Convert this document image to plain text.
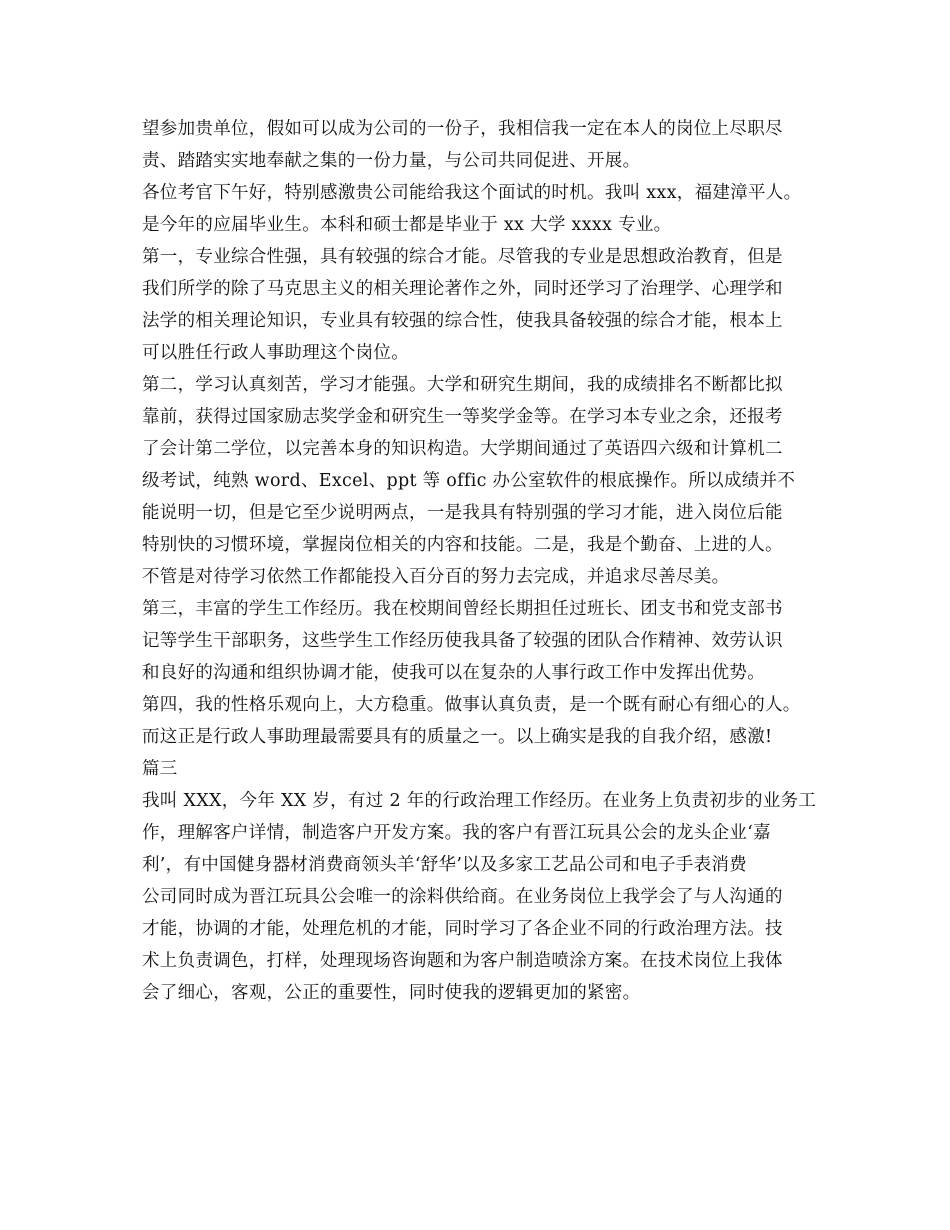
望参加贵单位，假如可以成为公司的一份子，我相信我一定在本人的岗位上尽职尽
责、踏踏实实地奉献之集的一份力量，与公司共同促进、开展。
各位考官下午好，特别感激贵公司能给我这个面试的时机。我叫 xxx，福建漳平人。
是今年的应届毕业生。本科和硕士都是毕业于 xx 大学 xxxx 专业。
第一，专业综合性强，具有较强的综合才能。尽管我的专业是思想政治教育，但是
我们所学的除了马克思主义的相关理论著作之外，同时还学习了治理学、心理学和
法学的相关理论知识，专业具有较强的综合性，使我具备较强的综合才能，根本上
可以胜任行政人事助理这个岗位。
第二，学习认真刻苦，学习才能强。大学和研究生期间，我的成绩排名不断都比拟
靠前，获得过国家励志奖学金和研究生一等奖学金等。在学习本专业之余，还报考
了会计第二学位，以完善本身的知识构造。大学期间通过了英语四六级和计算机二
级考试，纯熟 word、Excel、ppt 等 offic 办公室软件的根底操作。所以成绩并不
能说明一切，但是它至少说明两点，一是我具有特别强的学习才能，进入岗位后能
特别快的习惯环境，掌握岗位相关的内容和技能。二是，我是个勤奋、上进的人。
不管是对待学习依然工作都能投入百分百的努力去完成，并追求尽善尽美。
第三，丰富的学生工作经历。我在校期间曾经长期担任过班长、团支书和党支部书
记等学生干部职务，这些学生工作经历使我具备了较强的团队合作精神、效劳认识
和良好的沟通和组织协调才能，使我可以在复杂的人事行政工作中发挥出优势。
第四，我的性格乐观向上，大方稳重。做事认真负责，是一个既有耐心有细心的人。
而这正是行政人事助理最需要具有的质量之一。以上确实是我的自我介绍，感激!
篇三
我叫 XXX，今年 XX 岁，有过 2 年的行政治理工作经历。在业务上负责初步的业务工
作，理解客户详情，制造客户开发方案。我的客户有晋江玩具公会的龙头企业‘嘉
利’，有中国健身器材消费商领头羊‘舒华’以及多家工艺品公司和电子手表消费
公司同时成为晋江玩具公会唯一的涂料供给商。在业务岗位上我学会了与人沟通的
才能，协调的才能，处理危机的才能，同时学习了各企业不同的行政治理方法。技
术上负责调色，打样，处理现场咨询题和为客户制造喷涂方案。在技术岗位上我体
会了细心，客观，公正的重要性，同时使我的逻辑更加的紧密。
